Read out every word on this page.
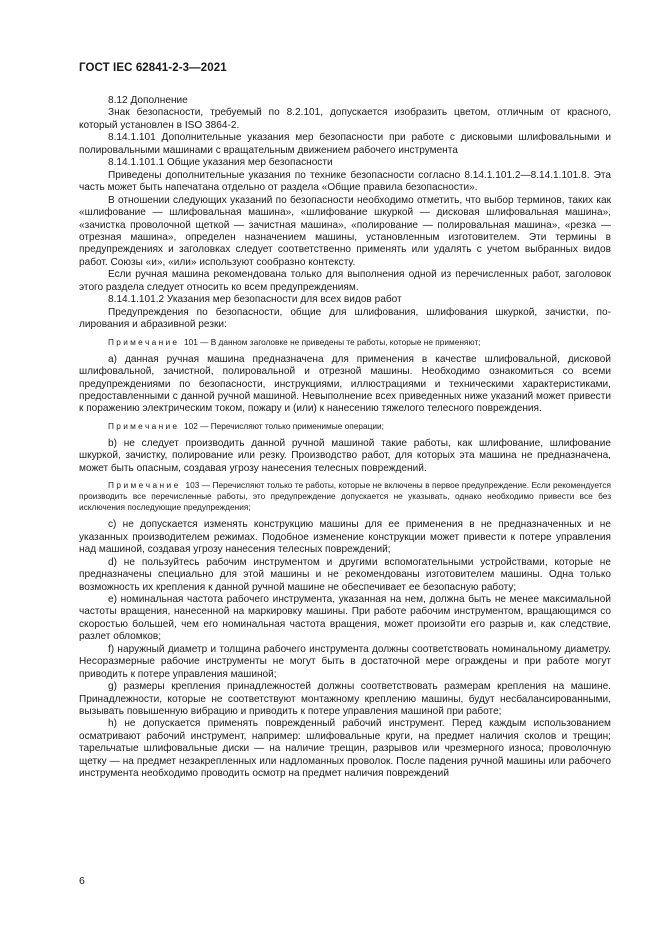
ГОСТ IEC 62841-2-3—2021

8.12 Дополнение

Знак безопасности, требуемый по 8.2.101, допускается изобразить цветом, отличным от красного, который установлен в ISO 3864-2.

8.14.1.101 Дополнительные указания мер безопасности при работе с дисковыми шлифовальными и полировальными машинами с вращательным движением рабочего инструмента

8.14.1.101.1 Общие указания мер безопасности

Приведены дополнительные указания по технике безопасности согласно 8.14.1.101.2—8.14.1.101.8. Эта часть может быть напечатана отдельно от раздела «Общие правила безопасности».

В отношении следующих указаний по безопасности необходимо отметить, что выбор терминов, таких как «шлифование — шлифовальная машина», «шлифование шкуркой — дисковая шлифовальная машина», «зачистка проволочной щеткой — зачистная машина», «полирование — полировальная машина», «резка — отрезная машина», определен назначением машины, установленным изготовителем. Эти термины в предупреждениях и заголовках следует соответственно применять или удалять с учетом выбранных видов работ. Союзы «и», «или» используют сообразно контексту.

Если ручная машина рекомендована только для выполнения одной из перечисленных работ, заголовок этого раздела следует относить ко всем предупреждениям.

8.14.1.101.2 Указания мер безопасности для всех видов работ

Предупреждения по безопасности, общие для шлифования, шлифования шкуркой, зачистки, полирования и абразивной резки:

П р и м е ч а н и е 101 — В данном заголовке не приведены те работы, которые не применяют;

a) данная ручная машина предназначена для применения в качестве шлифовальной, дисковой шлифовальной, зачистной, полировальной и отрезной машины. Необходимо ознакомиться со всеми предупреждениями по безопасности, инструкциями, иллюстрациями и техническими характеристиками, предоставленными с данной ручной машиной. Невыполнение всех приведенных ниже указаний может привести к поражению электрическим током, пожару и (или) к нанесению тяжелого телесного повреждения.

П р и м е ч а н и е 102 — Перечисляют только применимые операции;

b) не следует производить данной ручной машиной такие работы, как шлифование, шлифование шкуркой, зачистку, полирование или резку. Производство работ, для которых эта машина не предназначена, может быть опасным, создавая угрозу нанесения телесных повреждений.

П р и м е ч а н и е 103 — Перечисляют только те работы, которые не включены в первое предупреждение. Если рекомендуется производить все перечисленные работы, это предупреждение допускается не указывать, однако необходимо привести все без исключения последующие предупреждения;

c) не допускается изменять конструкцию машины для ее применения в не предназначенных и не указанных производителем режимах. Подобное изменение конструкции может привести к потере управления над машиной, создавая угрозу нанесения телесных повреждений;

d) не пользуйтесь рабочим инструментом и другими вспомогательными устройствами, которые не предназначены специально для этой машины и не рекомендованы изготовителем машины. Одна только возможность их крепления к данной ручной машине не обеспечивает ее безопасную работу;

e) номинальная частота рабочего инструмента, указанная на нем, должна быть не менее максимальной частоты вращения, нанесенной на маркировку машины. При работе рабочим инструментом, вращающимся со скоростью большей, чем его номинальная частота вращения, может произойти его разрыв и, как следствие, разлет обломков;

f) наружный диаметр и толщина рабочего инструмента должны соответствовать номинальному диаметру. Несоразмерные рабочие инструменты не могут быть в достаточной мере ограждены и при работе могут приводить к потере управления машиной;

g) размеры крепления принадлежностей должны соответствовать размерам крепления на машине. Принадлежности, которые не соответствуют монтажному креплению машины, будут несбалансированными, вызывать повышенную вибрацию и приводить к потере управления машиной при работе;

h) не допускается применять поврежденный рабочий инструмент. Перед каждым использованием осматривают рабочий инструмент, например: шлифовальные круги, на предмет наличия сколов и трещин; тарельчатые шлифовальные диски — на наличие трещин, разрывов или чрезмерного износа; проволочную щетку — на предмет незакрепленных или надломанных проволок. После падения ручной машины или рабочего инструмента необходимо проводить осмотр на предмет наличия повреждений

6
